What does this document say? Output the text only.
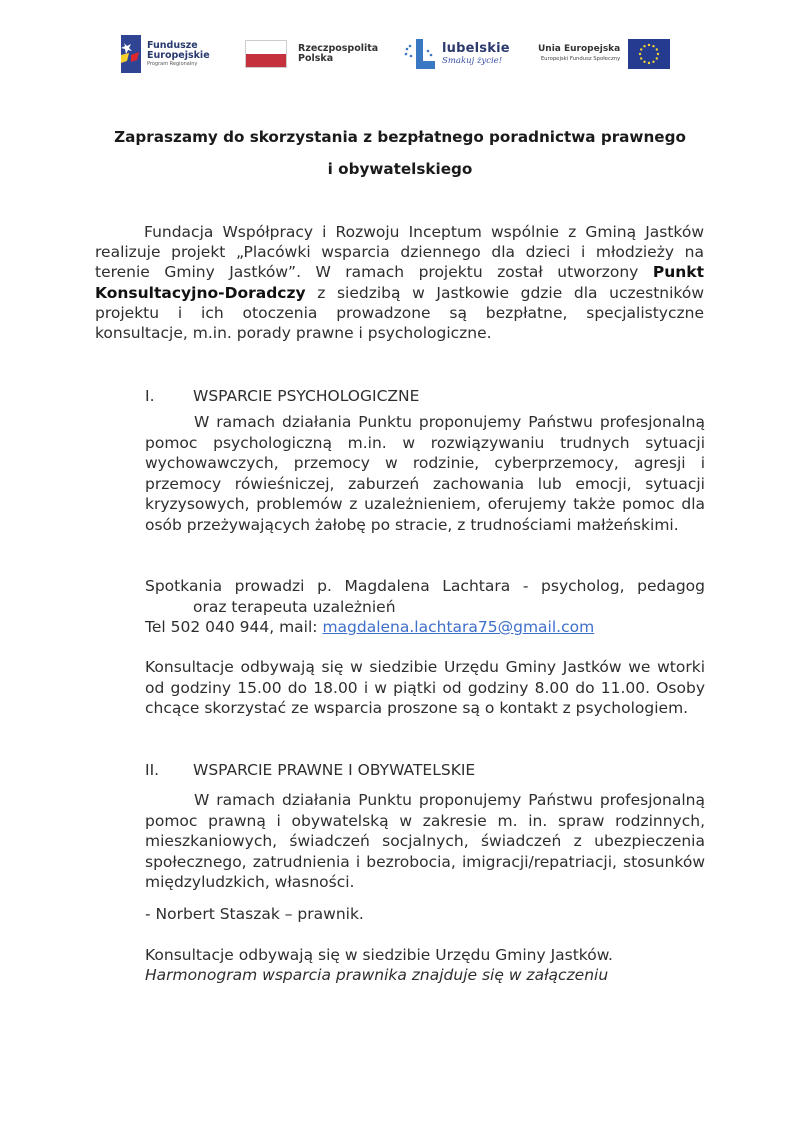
Fundusze
Europejskie
Program Regionalny
Rzeczpospolita
Polska
lubelskie
Smakuj życie!
Unia Europejska
Europejski Fundusz Społeczny
Zapraszamy do skorzystania z bezpłatnego poradnictwa prawnego
i obywatelskiego
Fundacja Współpracy i Rozwoju Inceptum wspólnie z Gminą Jastków realizuje projekt „Placówki wsparcia dziennego dla dzieci i młodzieży na terenie Gminy Jastków”. W ramach projektu został utworzony Punkt Konsultacyjno-Doradczy z siedzibą w Jastkowie gdzie dla uczestników projektu i ich otoczenia prowadzone są bezpłatne, specjalistyczne konsultacje, m.in. porady prawne i psychologiczne.
I. WSPARCIE PSYCHOLOGICZNE
W ramach działania Punktu proponujemy Państwu profesjonalną pomoc psychologiczną m.in. w rozwiązywaniu trudnych sytuacji wychowawczych, przemocy w rodzinie, cyberprzemocy, agresji i przemocy rówieśniczej, zaburzeń zachowania lub emocji, sytuacji kryzysowych, problemów z uzależnieniem, oferujemy także pomoc dla osób przeżywających żałobę po stracie, z trudnościami małżeńskimi.
Spotkania prowadzi p. Magdalena Lachtara - psycholog, pedagog
oraz terapeuta uzależnień
Tel 502 040 944, mail: magdalena.lachtara75@gmail.com
Konsultacje odbywają się w siedzibie Urzędu Gminy Jastków we wtorki od godziny 15.00 do 18.00 i w piątki od godziny 8.00 do 11.00. Osoby chcące skorzystać ze wsparcia proszone są o kontakt z psychologiem.
II. WSPARCIE PRAWNE I OBYWATELSKIE
W ramach działania Punktu proponujemy Państwu profesjonalną pomoc prawną i obywatelską w zakresie m. in. spraw rodzinnych, mieszkaniowych, świadczeń socjalnych, świadczeń z ubezpieczenia społecznego, zatrudnienia i bezrobocia, imigracji/repatriacji, stosunków międzyludzkich, własności.
- Norbert Staszak – prawnik.
Konsultacje odbywają się w siedzibie Urzędu Gminy Jastków.
Harmonogram wsparcia prawnika znajduje się w załączeniu
